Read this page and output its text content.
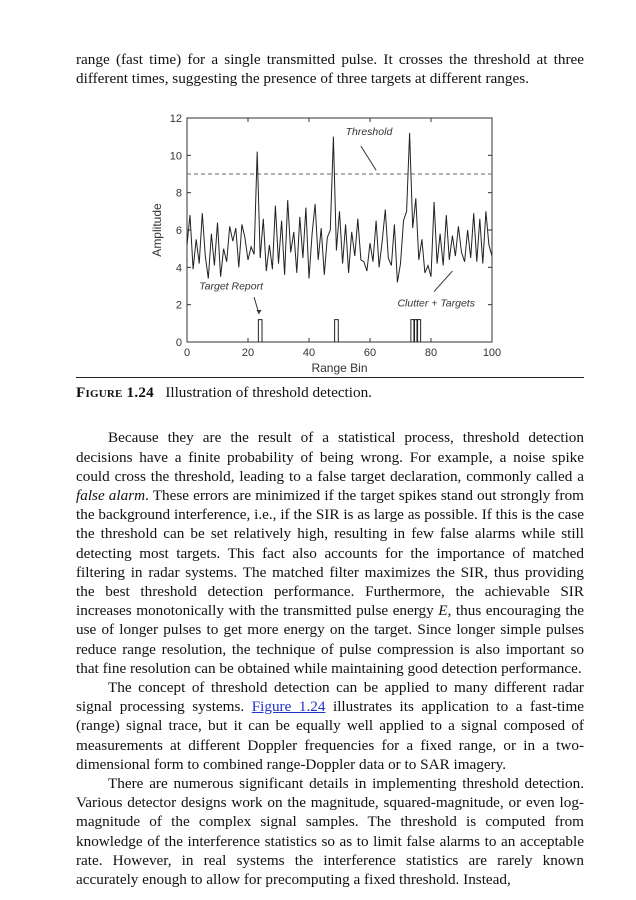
range (fast time) for a single transmitted pulse. It crosses the threshold at three different times, suggesting the presence of three targets at different ranges.

0	20	40	60	80	100
0
2
4
6
8
10
12
Range Bin
Amplitude
Threshold
Target Report
Clutter + Targets
Figure 1.24 Illustration of threshold detection.

Because they are the result of a statistical process, threshold detection decisions have a finite probability of being wrong. For example, a noise spike could cross the threshold, leading to a false target declaration, commonly called a false alarm. These errors are minimized if the target spikes stand out strongly from the background interference, i.e., if the SIR is as large as possible. If this is the case the threshold can be set relatively high, resulting in few false alarms while still detecting most targets. This fact also accounts for the importance of matched filtering in radar systems. The matched filter maximizes the SIR, thus providing the best threshold detection performance. Furthermore, the achievable SIR increases monotonically with the transmitted pulse energy E, thus encouraging the use of longer pulses to get more energy on the target. Since longer simple pulses reduce range resolution, the technique of pulse compression is also important so that fine resolution can be obtained while maintaining good detection performance.

The concept of threshold detection can be applied to many different radar signal processing systems. Figure 1.24 illustrates its application to a fast-time (range) signal trace, but it can be equally well applied to a signal composed of measurements at different Doppler frequencies for a fixed range, or in a two-dimensional form to combined range-Doppler data or to SAR imagery.

There are numerous significant details in implementing threshold detection. Various detector designs work on the magnitude, squared-magnitude, or even log-magnitude of the complex signal samples. The threshold is computed from knowledge of the interference statistics so as to limit false alarms to an acceptable rate. However, in real systems the interference statistics are rarely known accurately enough to allow for precomputing a fixed threshold. Instead,
